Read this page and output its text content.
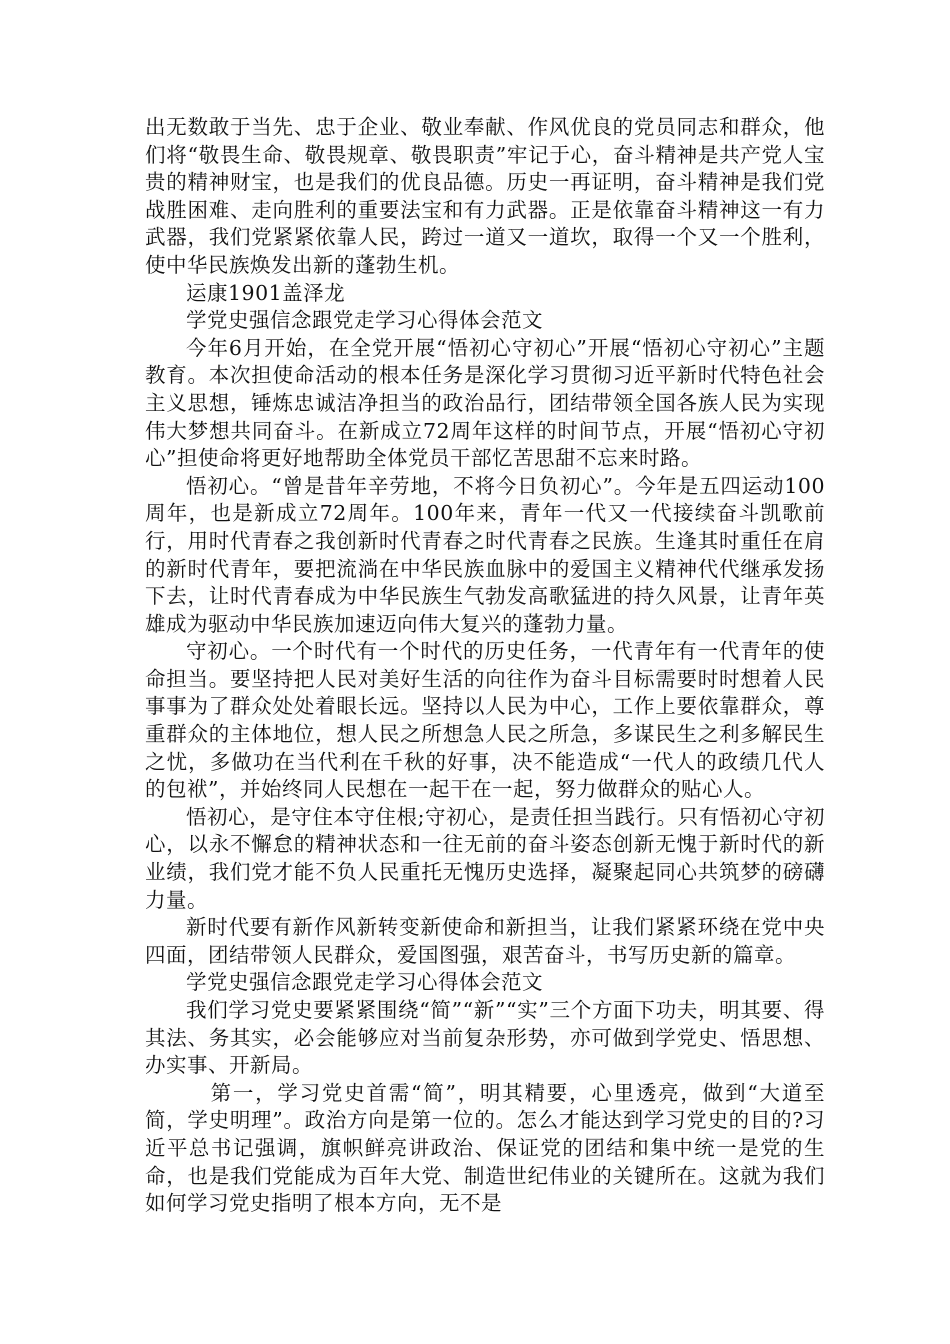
出无数敢于当先、忠于企业、敬业奉献、作风优良的党员同志和群众，他们将“敬畏生命、敬畏规章、敬畏职责”牢记于心，奋斗精神是共产党人宝贵的精神财宝，也是我们的优良品德。历史一再证明，奋斗精神是我们党战胜困难、走向胜利的重要法宝和有力武器。正是依靠奋斗精神这一有力武器，我们党紧紧依靠人民，跨过一道又一道坎，取得一个又一个胜利，使中华民族焕发出新的蓬勃生机。

运康1901盖泽龙

学党史强信念跟党走学习心得体会范文

今年6月开始，在全党开展“悟初心守初心”开展“悟初心守初心”主题教育。本次担使命活动的根本任务是深化学习贯彻习近平新时代特色社会主义思想，锤炼忠诚洁净担当的政治品行，团结带领全国各族人民为实现伟大梦想共同奋斗。在新成立72周年这样的时间节点，开展“悟初心守初心”担使命将更好地帮助全体党员干部忆苦思甜不忘来时路。

悟初心。“曾是昔年辛劳地，不将今日负初心”。今年是五四运动100周年，也是新成立72周年。100年来，青年一代又一代接续奋斗凯歌前行，用时代青春之我创新时代青春之时代青春之民族。生逢其时重任在肩的新时代青年，要把流淌在中华民族血脉中的爱国主义精神代代继承发扬下去，让时代青春成为中华民族生气勃发高歌猛进的持久风景，让青年英雄成为驱动中华民族加速迈向伟大复兴的蓬勃力量。

守初心。一个时代有一个时代的历史任务，一代青年有一代青年的使命担当。要坚持把人民对美好生活的向往作为奋斗目标需要时时想着人民事事为了群众处处着眼长远。坚持以人民为中心，工作上要依靠群众，尊重群众的主体地位，想人民之所想急人民之所急，多谋民生之利多解民生之忧，多做功在当代利在千秋的好事，决不能造成“一代人的政绩几代人的包袱”，并始终同人民想在一起干在一起，努力做群众的贴心人。

悟初心，是守住本守住根;守初心，是责任担当践行。只有悟初心守初心，以永不懈怠的精神状态和一往无前的奋斗姿态创新无愧于新时代的新业绩，我们党才能不负人民重托无愧历史选择，凝聚起同心共筑梦的磅礴力量。

新时代要有新作风新转变新使命和新担当，让我们紧紧环绕在党中央四面，团结带领人民群众，爱国图强，艰苦奋斗，书写历史新的篇章。

学党史强信念跟党走学习心得体会范文

我们学习党史要紧紧围绕“简”“新”“实”三个方面下功夫，明其要、得其法、务其实，必会能够应对当前复杂形势，亦可做到学党史、悟思想、办实事、开新局。

第一，学习党史首需“简”，明其精要，心里透亮，做到“大道至简，学史明理”。政治方向是第一位的。怎么才能达到学习党史的目的?习近平总书记强调，旗帜鲜亮讲政治、保证党的团结和集中统一是党的生命，也是我们党能成为百年大党、制造世纪伟业的关键所在。这就为我们如何学习党史指明了根本方向，无不是
